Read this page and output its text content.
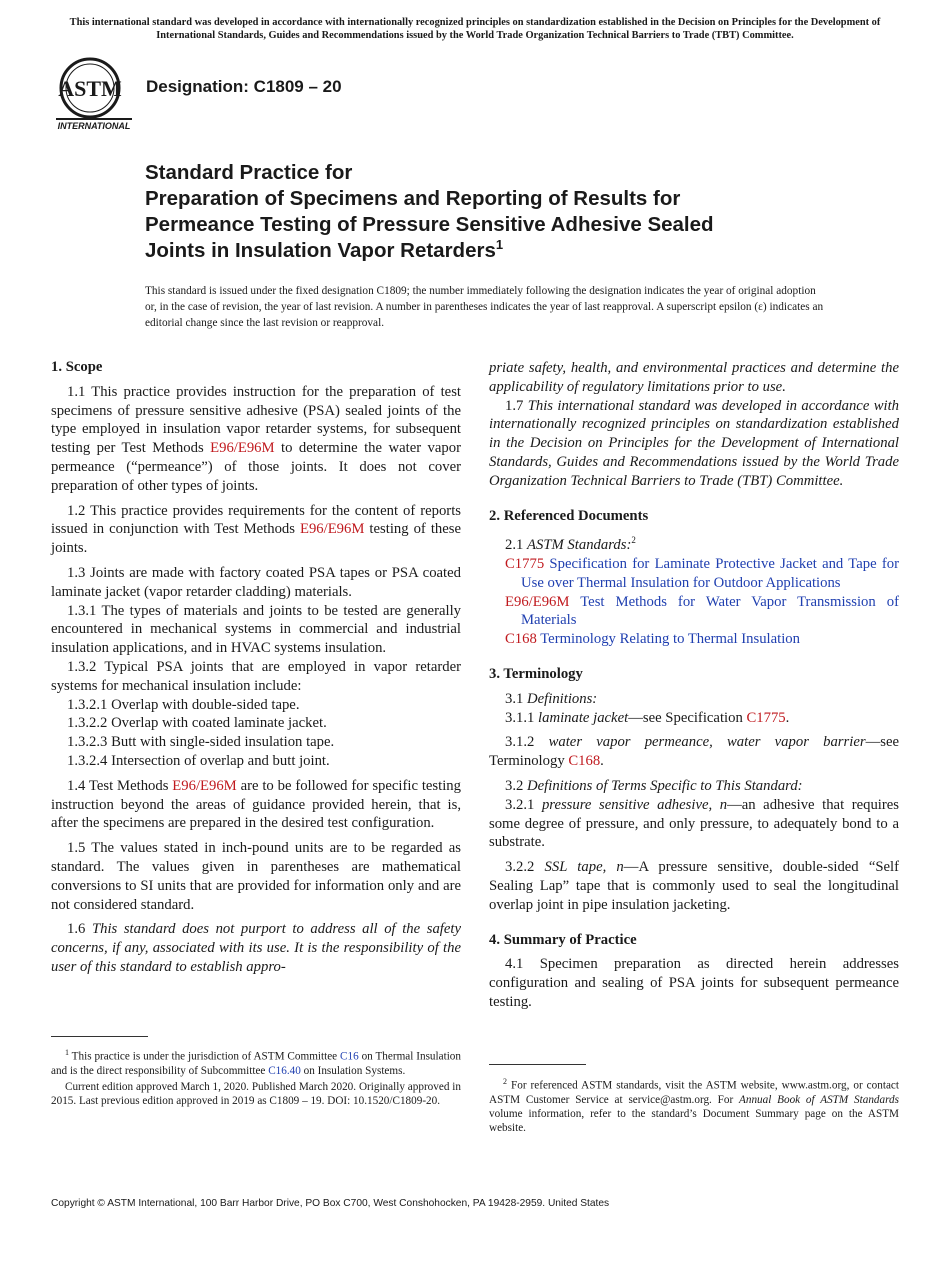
This international standard was developed in accordance with internationally recognized principles on standardization established in the Decision on Principles for the Development of International Standards, Guides and Recommendations issued by the World Trade Organization Technical Barriers to Trade (TBT) Committee.
ASTM
INTERNATIONAL
Designation: C1809 – 20
Standard Practice for
Preparation of Specimens and Reporting of Results for
Permeance Testing of Pressure Sensitive Adhesive Sealed
Joints in Insulation Vapor Retarders$^1$
This standard is issued under the fixed designation C1809; the number immediately following the designation indicates the year of original adoption or, in the case of revision, the year of last revision. A number in parentheses indicates the year of last reapproval. A superscript epsilon (ε) indicates an editorial change since the last revision or reapproval.

1. Scope

1.1 This practice provides instruction for the preparation of test specimens of pressure sensitive adhesive (PSA) sealed joints of the type employed in insulation vapor retarder systems, for subsequent testing per Test Methods E96/E96M to determine the water vapor permeance (“permeance”) of those joints. It does not cover preparation of other types of joints.

1.2 This practice provides requirements for the content of reports issued in conjunction with Test Methods E96/E96M testing of these joints.

1.3 Joints are made with factory coated PSA tapes or PSA coated laminate jacket (vapor retarder cladding) materials.

1.3.1 The types of materials and joints to be tested are generally encountered in mechanical systems in commercial and industrial insulation applications, and in HVAC systems insulation.

1.3.2 Typical PSA joints that are employed in vapor retarder systems for mechanical insulation include:

1.3.2.1 Overlap with double-sided tape.

1.3.2.2 Overlap with coated laminate jacket.

1.3.2.3 Butt with single-sided insulation tape.

1.3.2.4 Intersection of overlap and butt joint.

1.4 Test Methods E96/E96M are to be followed for specific testing instruction beyond the areas of guidance provided herein, that is, after the specimens are prepared in the desired test configuration.

1.5 The values stated in inch-pound units are to be regarded as standard. The values given in parentheses are mathematical conversions to SI units that are provided for information only and are not considered standard.

1.6 This standard does not purport to address all of the safety concerns, if any, associated with its use. It is the responsibility of the user of this standard to establish appro-

priate safety, health, and environmental practices and determine the applicability of regulatory limitations prior to use.

1.7 This international standard was developed in accordance with internationally recognized principles on standardization established in the Decision on Principles for the Development of International Standards, Guides and Recommendations issued by the World Trade Organization Technical Barriers to Trade (TBT) Committee.

2. Referenced Documents

2.1 ASTM Standards:$^2$

C1775 Specification for Laminate Protective Jacket and Tape for Use over Thermal Insulation for Outdoor Applications

E96/E96M Test Methods for Water Vapor Transmission of Materials

C168 Terminology Relating to Thermal Insulation

3. Terminology

3.1 Definitions:

3.1.1 laminate jacket—see Specification C1775.

3.1.2 water vapor permeance, water vapor barrier—see Terminology C168.

3.2 Definitions of Terms Specific to This Standard:

3.2.1 pressure sensitive adhesive, n—an adhesive that requires some degree of pressure, and only pressure, to adequately bond to a substrate.

3.2.2 SSL tape, n—A pressure sensitive, double-sided “Self Sealing Lap” tape that is commonly used to seal the longitudinal overlap joint in pipe insulation jacketing.

4. Summary of Practice

4.1 Specimen preparation as directed herein addresses configuration and sealing of PSA joints for subsequent permeance testing.

$^1$ This practice is under the jurisdiction of ASTM Committee C16 on Thermal Insulation and is the direct responsibility of Subcommittee C16.40 on Insulation Systems.

Current edition approved March 1, 2020. Published March 2020. Originally approved in 2015. Last previous edition approved in 2019 as C1809 – 19. DOI: 10.1520/C1809-20.

$^2$ For referenced ASTM standards, visit the ASTM website, www.astm.org, or contact ASTM Customer Service at service@astm.org. For Annual Book of ASTM Standards volume information, refer to the standard’s Document Summary page on the ASTM website.

Copyright © ASTM International, 100 Barr Harbor Drive, PO Box C700, West Conshohocken, PA 19428-2959. United States
